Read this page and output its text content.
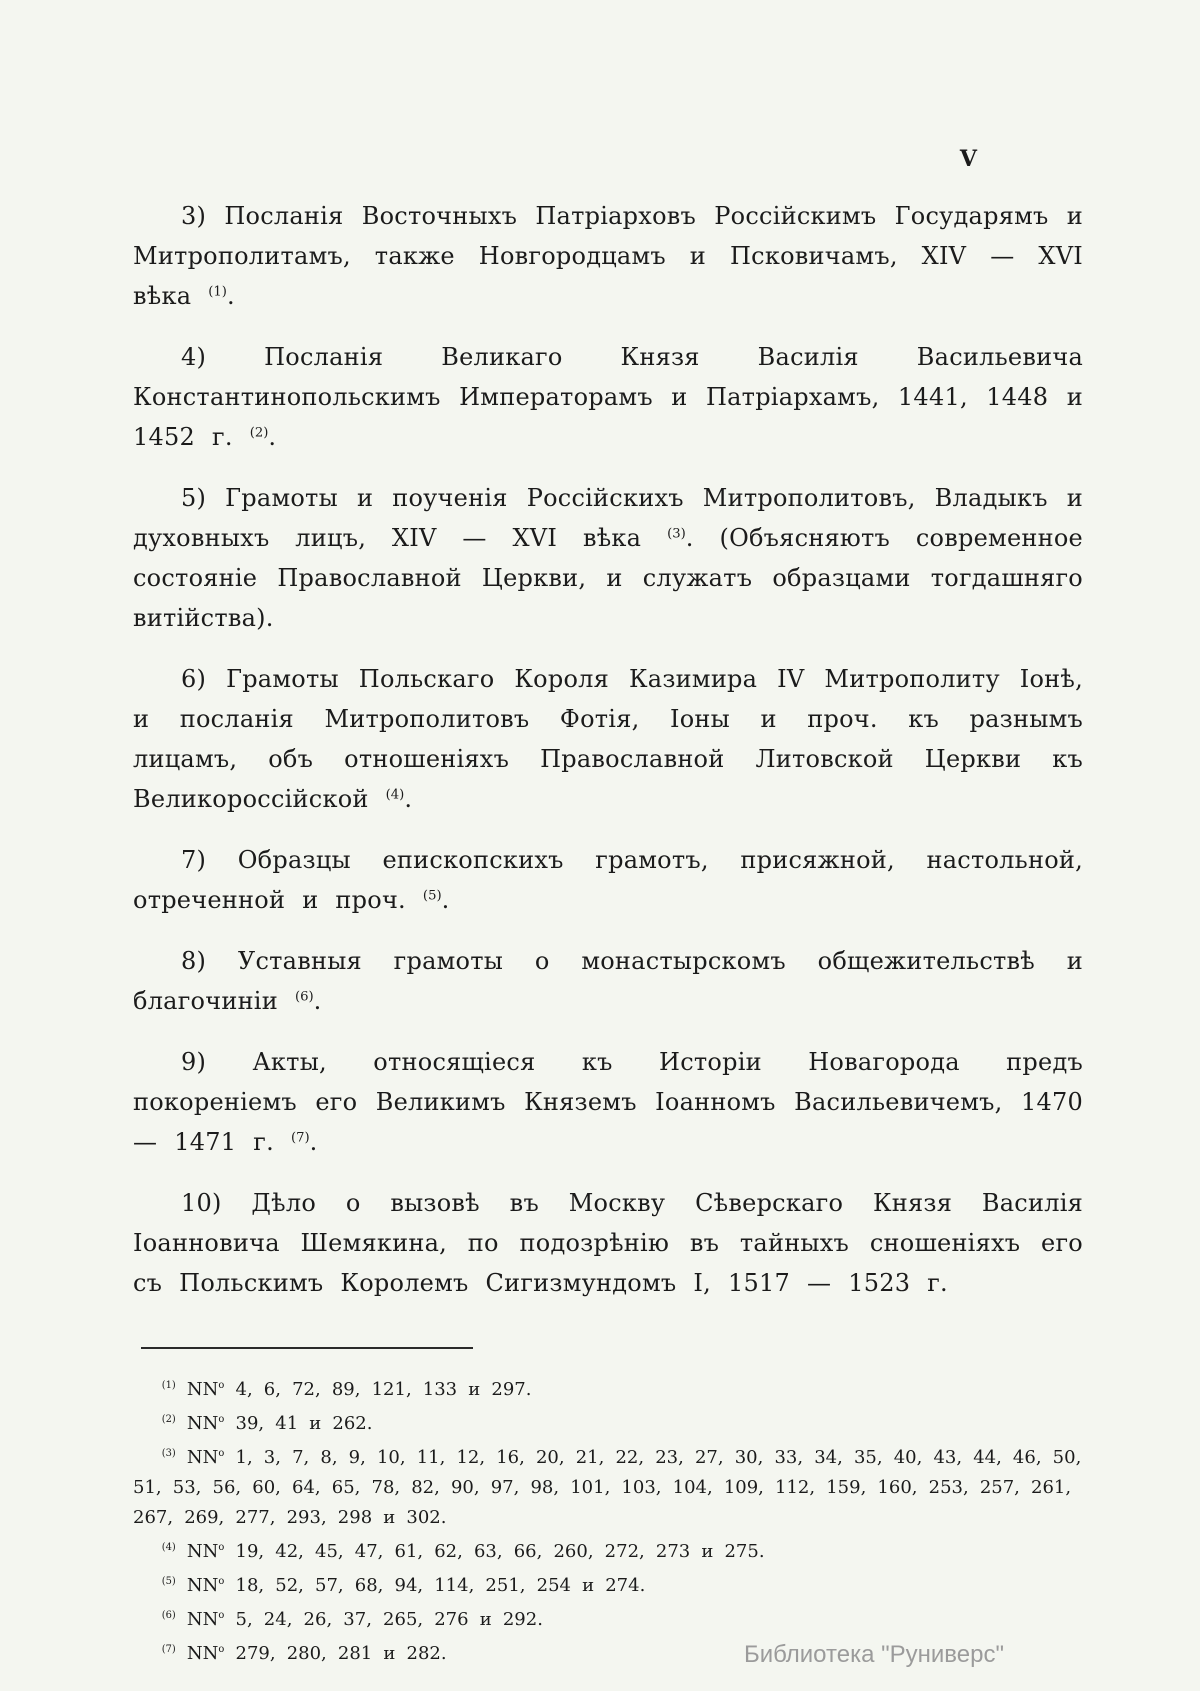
V

3) Посланія Восточныхъ Патріарховъ Россійскимъ Государямъ и Митрополитамъ, также Новгородцамъ и Псковичамъ, XIV — XVI вѣка $^{(1)}$.

4) Посланія Великаго Князя Василія Васильевича Константинопольскимъ Императорамъ и Патріархамъ, 1441, 1448 и 1452 г. $^{(2)}$.

5) Грамоты и поученія Россійскихъ Митрополитовъ, Владыкъ и духовныхъ лицъ, XIV — XVI вѣка $^{(3)}$. (Объясняютъ современное состояніе Православной Церкви, и служатъ образцами тогдашняго витійства).

6) Грамоты Польскаго Короля Казимира IV Митрополиту Іонѣ, и посланія Митрополитовъ Фотія, Іоны и проч. къ разнымъ лицамъ, объ отношеніяхъ Православной Литовской Церкви къ Великороссійской $^{(4)}$.

7) Образцы епископскихъ грамотъ, присяжной, настольной, отреченной и проч. $^{(5)}$.

8) Уставныя грамоты о монастырскомъ общежительствѣ и благочиніи $^{(6)}$.

9) Акты, относящіеся къ Исторіи Новагорода предъ покореніемъ его Великимъ Княземъ Іоанномъ Васильевичемъ, 1470 — 1471 г. $^{(7)}$.

10) Дѣло о вызовѣ въ Москву Сѣверскаго Князя Василія Іоанновича Шемякина, по подозрѣнію въ тайныхъ сношеніяхъ его съ Польскимъ Королемъ Сигизмундомъ I, 1517 — 1523 г.

$^{(1)}$ NN$^o$ 4, 6, 72, 89, 121, 133 и 297.

$^{(2)}$ NN$^o$ 39, 41 и 262.

$^{(3)}$ NN$^o$ 1, 3, 7, 8, 9, 10, 11, 12, 16, 20, 21, 22, 23, 27, 30, 33, 34, 35, 40, 43, 44, 46, 50, 51, 53, 56, 60, 64, 65, 78, 82, 90, 97, 98, 101, 103, 104, 109, 112, 159, 160, 253, 257, 261, 267, 269, 277, 293, 298 и 302.

$^{(4)}$ NN$^o$ 19, 42, 45, 47, 61, 62, 63, 66, 260, 272, 273 и 275.

$^{(5)}$ NN$^o$ 18, 52, 57, 68, 94, 114, 251, 254 и 274.

$^{(6)}$ NN$^o$ 5, 24, 26, 37, 265, 276 и 292.

$^{(7)}$ NN$^o$ 279, 280, 281 и 282.	Библиотека "Руниверс"
